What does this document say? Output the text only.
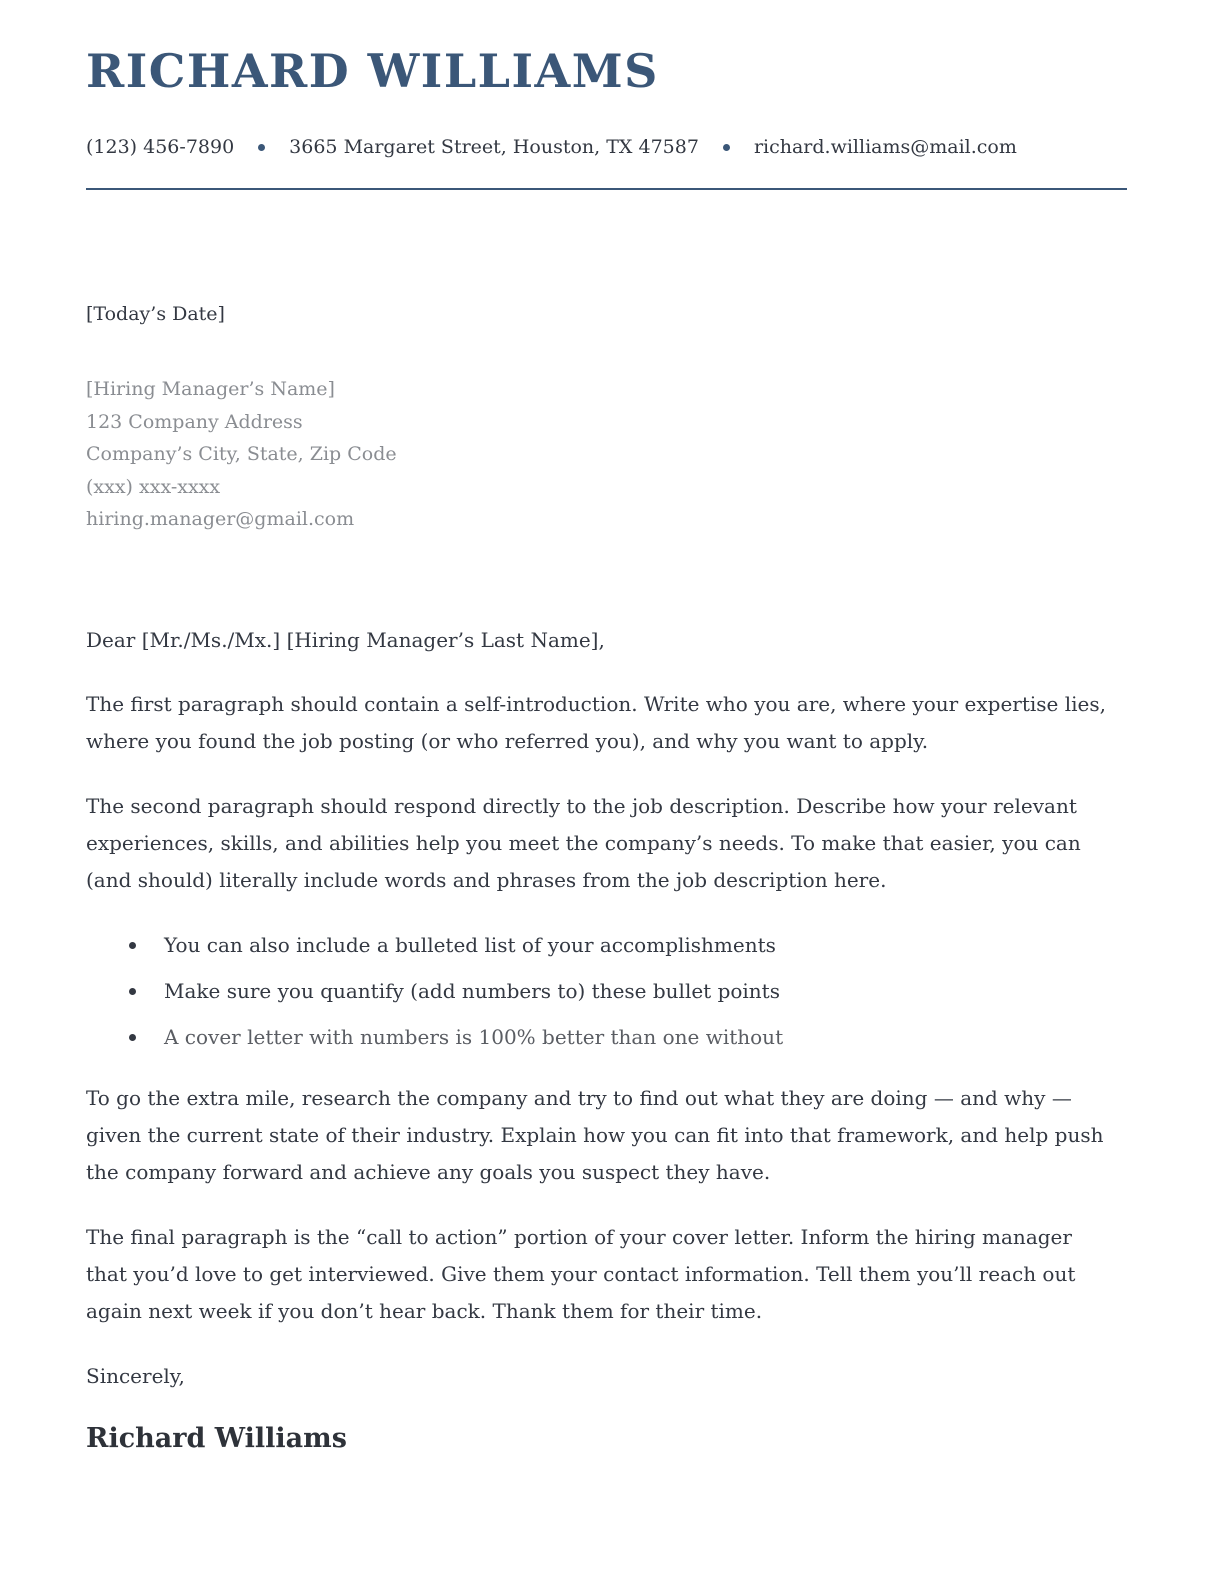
RICHARD WILLIAMS
(123) 456-7890	3665 Margaret Street, Houston, TX 47587	richard.williams@mail.com
[Today’s Date]
[Hiring Manager’s Name]
123 Company Address
Company’s City, State, Zip Code
(xxx) xxx-xxxx
hiring.manager@gmail.com
Dear [Mr./Ms./Mx.] [Hiring Manager’s Last Name],
The first paragraph should contain a self-introduction. Write who you are, where your expertise lies, where you found the job posting (or who referred you), and why you want to apply.
The second paragraph should respond directly to the job description. Describe how your relevant experiences, skills, and abilities help you meet the company’s needs. To make that easier, you can (and should) literally include words and phrases from the job description here.
You can also include a bulleted list of your accomplishments
Make sure you quantify (add numbers to) these bullet points
A cover letter with numbers is 100% better than one without
To go the extra mile, research the company and try to find out what they are doing — and why — given the current state of their industry. Explain how you can fit into that framework, and help push the company forward and achieve any goals you suspect they have.
The final paragraph is the “call to action” portion of your cover letter. Inform the hiring manager that you’d love to get interviewed. Give them your contact information. Tell them you’ll reach out again next week if you don’t hear back. Thank them for their time.
Sincerely,
Richard Williams
